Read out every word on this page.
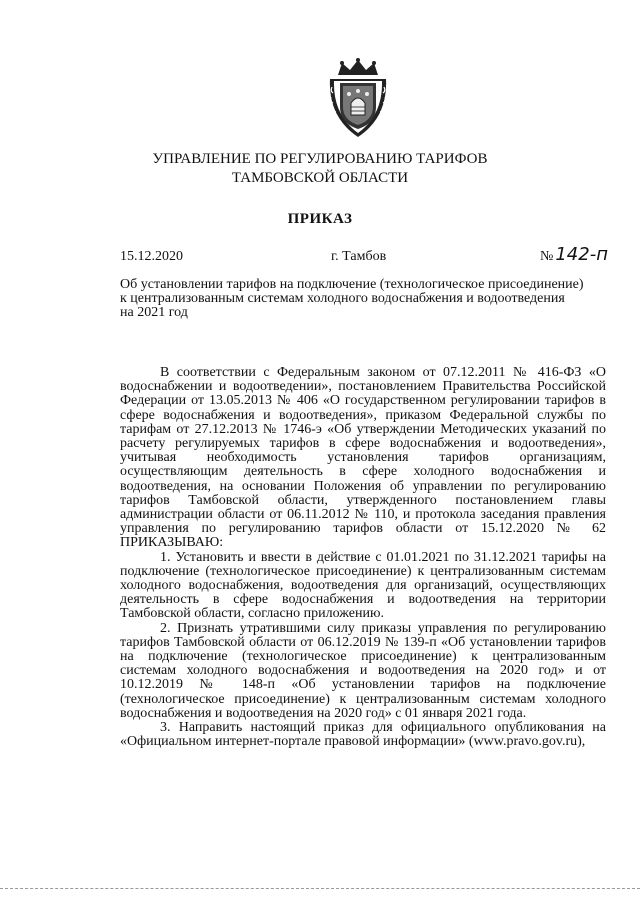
УПРАВЛЕНИЕ ПО РЕГУЛИРОВАНИЮ ТАРИФОВ
ТАМБОВСКОЙ ОБЛАСТИ
ПРИКАЗ
15.12.2020	г. Тамбов	№ 142-п
Об установлении тарифов на подключение (технологическое присоединение)
к централизованным системам холодного водоснабжения и водоотведения
на 2021 год
В соответствии с Федеральным законом от 07.12.2011 № 416-ФЗ «О водоснабжении и водоотведении», постановлением Правительства Российской Федерации от 13.05.2013 № 406 «О государственном регулировании тарифов в сфере водоснабжения и водоотведения», приказом Федеральной службы по тарифам от 27.12.2013 № 1746-э «Об утверждении Методических указаний по расчету регулируемых тарифов в сфере водоснабжения и водоотведения», учитывая необходимость установления тарифов организациям, осуществляющим деятельность в сфере холодного водоснабжения и водоотведения, на основании Положения об управлении по регулированию тарифов Тамбовской области, утвержденного постановлением главы администрации области от 06.11.2012 № 110, и протокола заседания правления управления по регулированию тарифов области от 15.12.2020 № 62 ПРИКАЗЫВАЮ:
1. Установить и ввести в действие с 01.01.2021 по 31.12.2021 тарифы на подключение (технологическое присоединение) к централизованным системам холодного водоснабжения, водоотведения для организаций, осуществляющих деятельность в сфере водоснабжения и водоотведения на территории Тамбовской области, согласно приложению.
2. Признать утратившими силу приказы управления по регулированию тарифов Тамбовской области от 06.12.2019 № 139-п «Об установлении тарифов на подключение (технологическое присоединение) к централизованным системам холодного водоснабжения и водоотведения на 2020 год» и от 10.12.2019 № 148-п «Об установлении тарифов на подключение (технологическое присоединение) к централизованным системам холодного водоснабжения и водоотведения на 2020 год» с 01 января 2021 года.
3. Направить настоящий приказ для официального опубликования на «Официальном интернет-портале правовой информации» (www.pravo.gov.ru),
